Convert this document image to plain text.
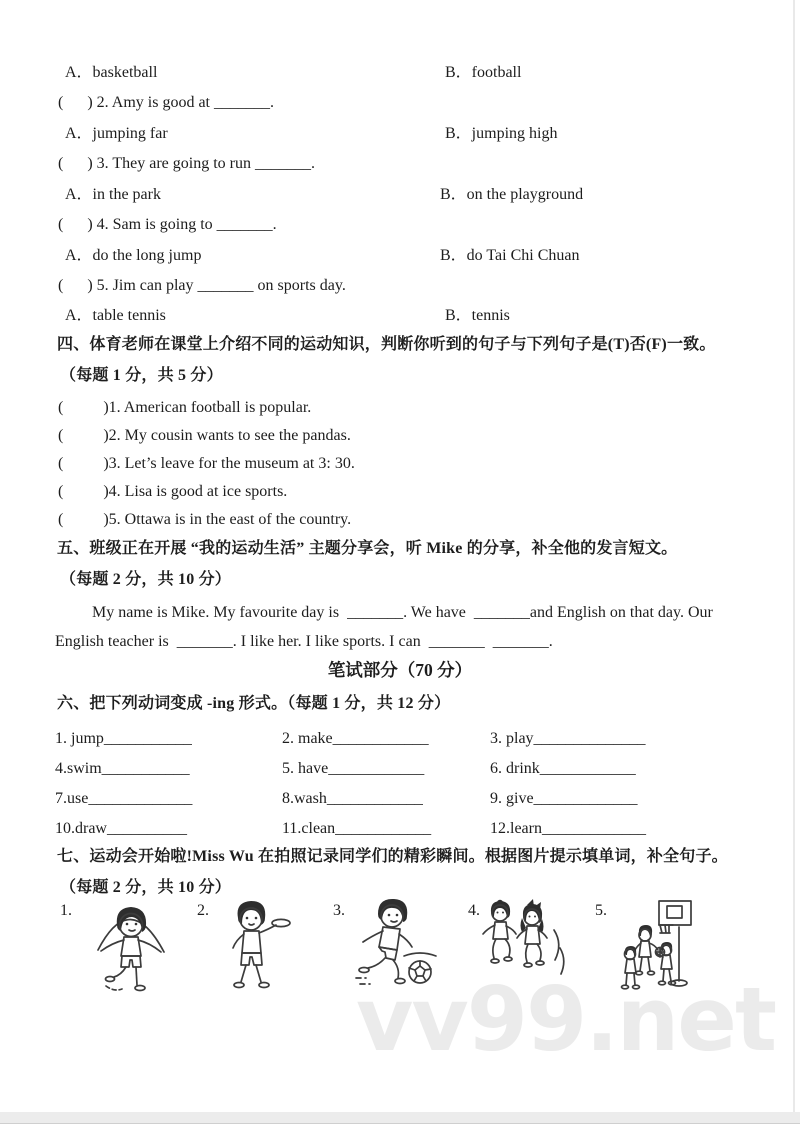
vv99.net
A．basketball	B．football
(      ) 2. Amy is good at _______.
A．jumping far	B．jumping high
(      ) 3. They are going to run _______.
A．in the park	B．on the playground
(      ) 4. Sam is going to _______.
A．do the long jump	B．do Tai Chi Chuan
(      ) 5. Jim can play _______ on sports day.
A．table tennis	B．tennis
四、体育老师在课堂上介绍不同的运动知识，判断你听到的句子与下列句子是(T)否(F)一致。
（每题 1 分，共 5 分）
(          )1. American football is popular.
(          )2. My cousin wants to see the pandas.
(          )3. Let’s leave for the museum at 3: 30.
(          )4. Lisa is good at ice sports.
(          )5. Ottawa is in the east of the country.
五、班级正在开展 “我的运动生活” 主题分享会，听 Mike 的分享，补全他的发言短文。
（每题 2 分，共 10 分）
My name is Mike. My favourite day is  _______. We have  _______and English on that day. Our
English teacher is  _______. I like her. I like sports. I can  _______  _______.
笔试部分（70 分）
六、把下列动词变成 -ing 形式。（每题 1 分，共 12 分）
1. jump___________	2. make____________	3. play______________
4.swim___________	5. have____________	6. drink____________
7.use_____________	8.wash____________	9. give_____________
10.draw__________	11.clean____________	12.learn_____________
七、运动会开始啦!Miss Wu 在拍照记录同学们的精彩瞬间。根据图片提示填单词，补全句子。
（每题 2 分，共 10 分）
1.	2.	3.	4.	5.
